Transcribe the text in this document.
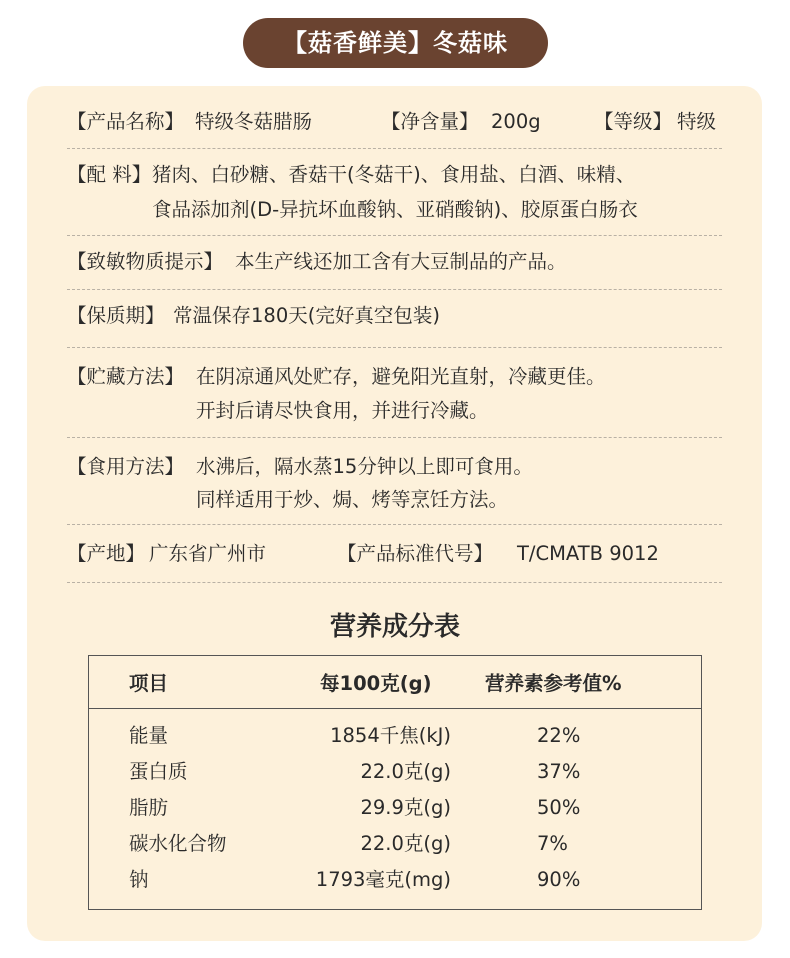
【菇香鲜美】冬菇味
【产品名称】 特级冬菇腊肠	【净含量】 200g	【等级】 特级
【配 料】 猪肉、白砂糖、香菇干(冬菇干)、食用盐、白酒、味精、
食品添加剂(D-异抗坏血酸钠、亚硝酸钠)、胶原蛋白肠衣
【致敏物质提示】 本生产线还加工含有大豆制品的产品。
【保质期】 常温保存180天(完好真空包装)
【贮藏方法】 在阴凉通风处贮存，避免阳光直射，冷藏更佳。
开封后请尽快食用，并进行冷藏。
【食用方法】 水沸后，隔水蒸15分钟以上即可食用。
同样适用于炒、焗、烤等烹饪方法。
【产地】 广东省广州市	【产品标准代号】 T/CMATB 9012
营养成分表
项目	每100克(g)	营养素参考值%
能量	1854千焦(kJ)	22%
蛋白质	22.0克(g)	37%
脂肪	29.9克(g)	50%
碳水化合物	22.0克(g)	7%
钠	1793毫克(mg)	90%
